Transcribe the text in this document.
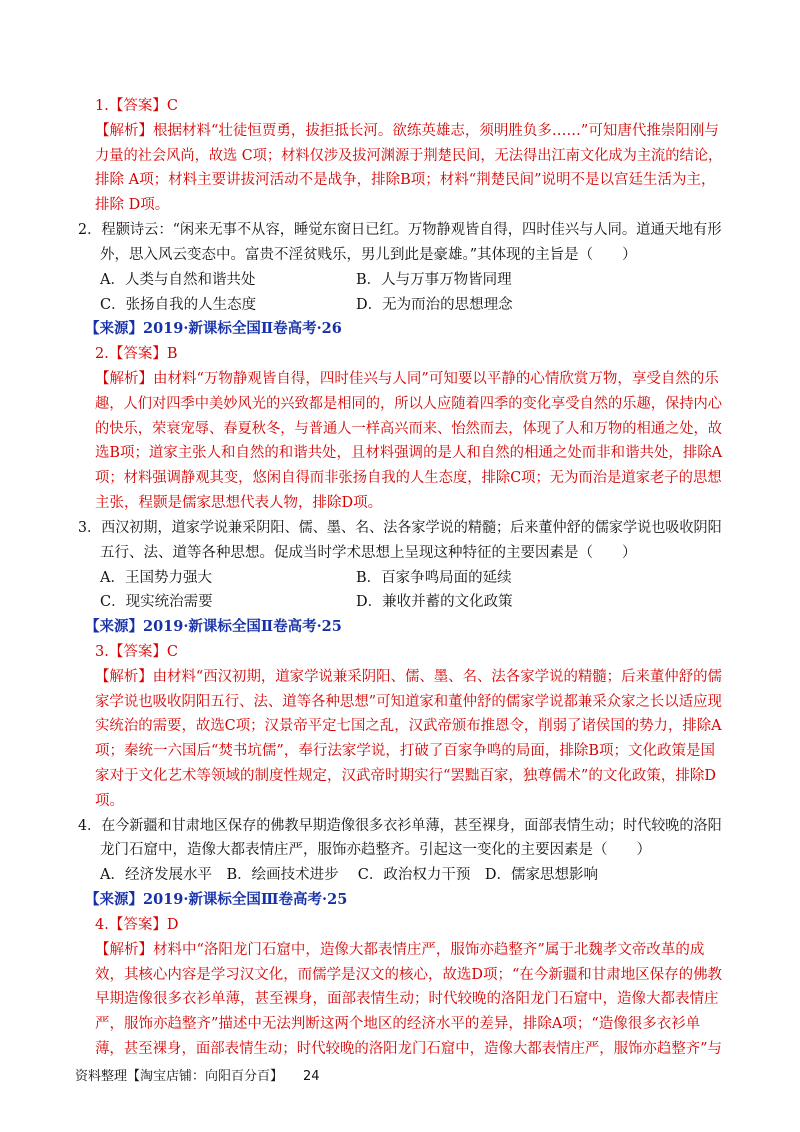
1.【答案】C
【解析】根据材料“壮徒恒贾勇，拔拒抵长河。欲练英雄志，须明胜负多……”可知唐代推崇阳刚与
力量的社会风尚，故选 C项；材料仅涉及拔河渊源于荆楚民间，无法得出江南文化成为主流的结论，
排除 A项；材料主要讲拔河活动不是战争，排除B项；材料“荆楚民间”说明不是以宫廷生活为主，
排除 D项。
2．程颢诗云：“闲来无事不从容，睡觉东窗日已红。万物静观皆自得，四时佳兴与人同。道通天地有形
外，思入风云变态中。富贵不淫贫贱乐，男儿到此是豪雄。”其体现的主旨是（　　）
A．人类与自然和谐共处	B．人与万事万物皆同理
C．张扬自我的人生态度	D．无为而治的思想理念
【来源】2019·新课标全国Ⅱ卷高考·26
2.【答案】B
【解析】由材料“万物静观皆自得，四时佳兴与人同”可知要以平静的心情欣赏万物，享受自然的乐
趣，人们对四季中美妙风光的兴致都是相同的，所以人应随着四季的变化享受自然的乐趣，保持内心
的快乐，荣衰宠辱、春夏秋冬，与普通人一样高兴而来、怡然而去，体现了人和万物的相通之处，故
选B项；道家主张人和自然的和谐共处，且材料强调的是人和自然的相通之处而非和谐共处，排除A
项；材料强调静观其变，悠闲自得而非张扬自我的人生态度，排除C项；无为而治是道家老子的思想
主张，程颢是儒家思想代表人物，排除D项。
3．西汉初期，道家学说兼采阴阳、儒、墨、名、法各家学说的精髓；后来董仲舒的儒家学说也吸收阴阳
五行、法、道等各种思想。促成当时学术思想上呈现这种特征的主要因素是（　　）
A．王国势力强大	B．百家争鸣局面的延续
C．现实统治需要	D．兼收并蓄的文化政策
【来源】2019·新课标全国Ⅱ卷高考·25
3.【答案】C
【解析】由材料“西汉初期，道家学说兼采阴阳、儒、墨、名、法各家学说的精髓；后来董仲舒的儒
家学说也吸收阴阳五行、法、道等各种思想”可知道家和董仲舒的儒家学说都兼采众家之长以适应现
实统治的需要，故选C项；汉景帝平定七国之乱，汉武帝颁布推恩令，削弱了诸侯国的势力，排除A
项；秦统一六国后“焚书坑儒”，奉行法家学说，打破了百家争鸣的局面，排除B项；文化政策是国
家对于文化艺术等领域的制度性规定，汉武帝时期实行“罢黜百家，独尊儒术”的文化政策，排除D
项。
4．在今新疆和甘肃地区保存的佛教早期造像很多衣衫单薄，甚至裸身，面部表情生动；时代较晚的洛阳
龙门石窟中，造像大都表情庄严，服饰亦趋整齐。引起这一变化的主要因素是（　　）
A．经济发展水平　B．绘画技术进步　 C．政治权力干预　D．儒家思想影响
【来源】2019·新课标全国Ⅲ卷高考·25
4.【答案】D
【解析】材料中“洛阳龙门石窟中，造像大都表情庄严，服饰亦趋整齐”属于北魏孝文帝改革的成
效，其核心内容是学习汉文化，而儒学是汉文的核心，故选D项；“在今新疆和甘肃地区保存的佛教
早期造像很多衣衫单薄，甚至裸身，面部表情生动；时代较晚的洛阳龙门石窟中，造像大都表情庄
严，服饰亦趋整齐”描述中无法判断这两个地区的经济水平的差异，排除A项；“造像很多衣衫单
薄，甚至裸身，面部表情生动；时代较晚的洛阳龙门石窟中，造像大都表情庄严，服饰亦趋整齐”与
资料整理【淘宝店铺：向阳百分百】 24
